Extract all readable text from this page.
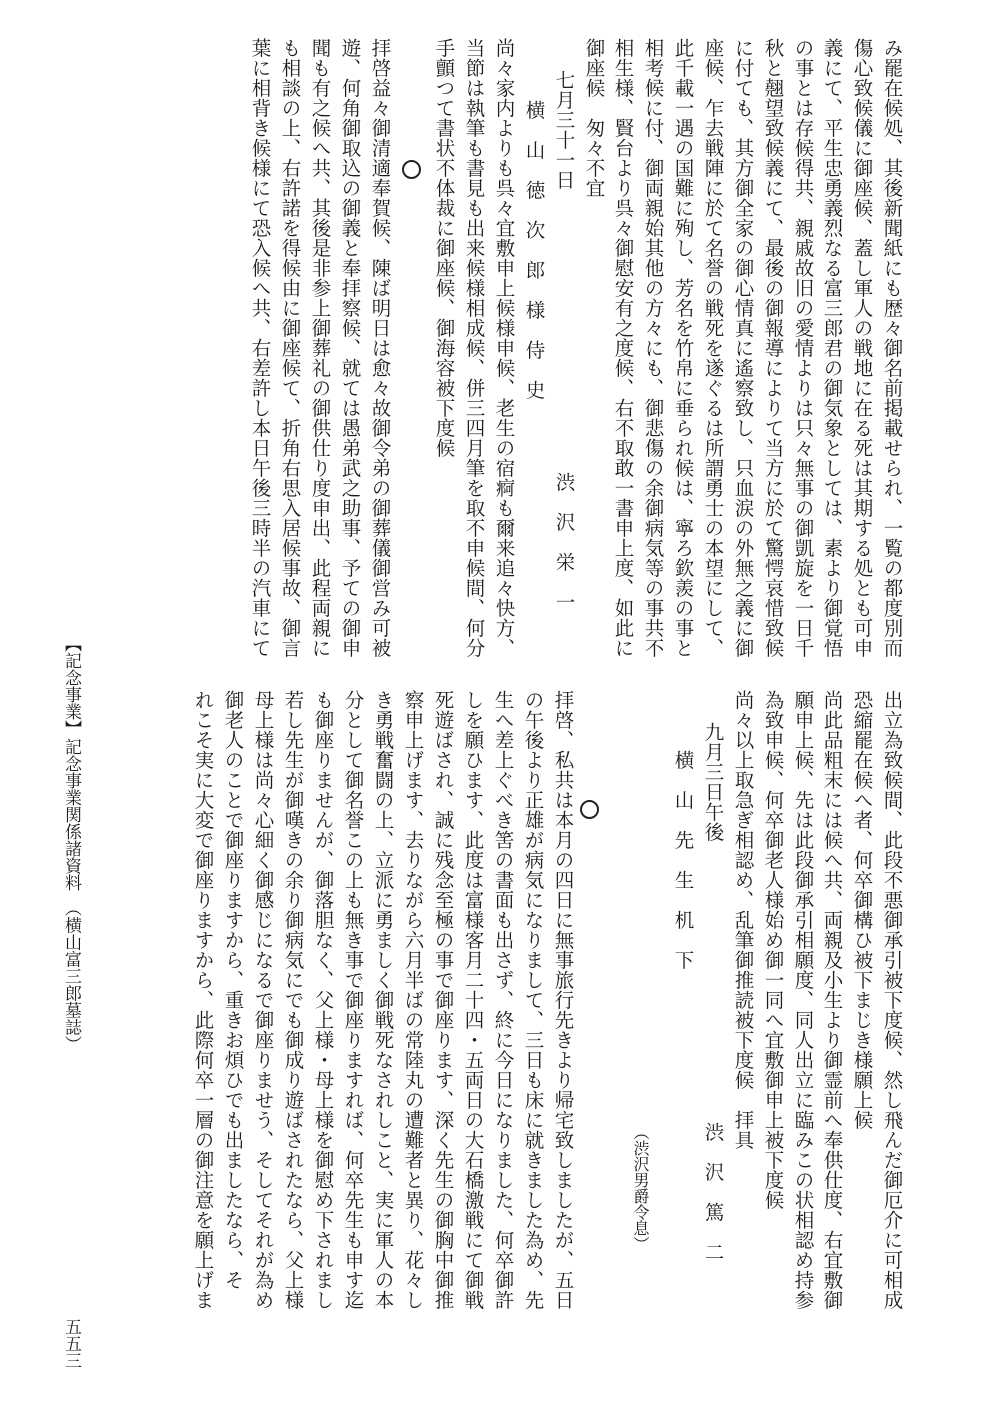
み罷在候処、其後新聞紙にも歴々御名前掲載せられ、一覧の都度別而
傷心致候儀に御座候、蓋し軍人の戦地に在る死は其期する処とも可申
義にて、平生忠勇義烈なる富三郎君の御気象としては、素より御覚悟
の事とは存候得共、親戚故旧の愛情よりは只々無事の御凱旋を一日千
秋と翹望致候義にて、最後の御報導によりて当方に於て驚愕哀惜致候
に付ても、其方御全家の御心情真に遙察致し、只血涙の外無之義に御
座候、乍去戦陣に於て名誉の戦死を遂ぐるは所謂勇士の本望にして、
此千載一遇の国難に殉し、芳名を竹帛に垂られ候は、寧ろ欽羨の事と
相考候に付、御両親始其他の方々にも、御悲傷の余御病気等の事共不
相生様、賢台より呉々御慰安有之度候、右不取敢一書申上度、如此に
御座候　匆々不宜
七月三十一日
渋　沢　栄　一
横　山　徳　次　郎　様　侍　史
尚々家内よりも呉々宜敷申上候様申候、老生の宿痾も爾来追々快方、
当節は執筆も書見も出来候様相成候、併三四月筆を取不申候間、何分
手顫つて書状不体裁に御座候、御海容被下度候
拝啓益々御清適奉賀候、陳ば明日は愈々故御令弟の御葬儀御営み可被
遊、何角御取込の御義と奉拝察候、就ては愚弟武之助事、予ての御申
聞も有之候へ共、其後是非参上御葬礼の御供仕り度申出、此程両親に
も相談の上、右許諾を得候由に御座候て、折角右思入居候事故、御言
葉に相背き候様にて恐入候へ共、右差許し本日午後三時半の汽車にて
出立為致候間、此段不悪御承引被下度候、然し飛んだ御厄介に可相成
恐縮罷在候へ者、何卒御構ひ被下まじき様願上候
尚此品粗末には候へ共、両親及小生より御霊前へ奉供仕度、右宜敷御
願申上候、先は此段御承引相願度、同人出立に臨みこの状相認め持参
為致申候、何卒御老人様始め御一同へ宜敷御申上被下度候
尚々以上取急ぎ相認め、乱筆御推読被下度候　拝具
九月三日午後
渋　沢　篤　二
（渋沢男爵令息）
横　山　先　生　机　下
拝啓、私共は本月の四日に無事旅行先きより帰宅致しましたが、五日
の午後より正雄が病気になりまして、三日も床に就きました為め、先
生へ差上ぐべき筈の書面も出さず、終に今日になりました、何卒御許
しを願ひます、此度は富様客月二十四・五両日の大石橋激戦にて御戦
死遊ばされ、誠に残念至極の事で御座ります、深く先生の御胸中御推
察申上げます、去りながら六月半ばの常陸丸の遭難者と異り、花々し
き勇戦奮闘の上、立派に勇ましく御戦死なされしこと、実に軍人の本
分として御名誉この上も無き事で御座りますれば、何卒先生も申す迄
も御座りませんが、御落胆なく、父上様・母上様を御慰め下されまし
若し先生が御嘆きの余り御病気にでも御成り遊ばされたなら、父上様
母上様は尚々心細く御感じになるで御座りませう、そしてそれが為め
御老人のことで御座りますから、重きお煩ひでも出ましたなら、そ
れこそ実に大変で御座りますから、此際何卒一層の御注意を願上げま
【記念事業】
記念事業関係諸資料　（横山富三郎墓誌）
五五三
